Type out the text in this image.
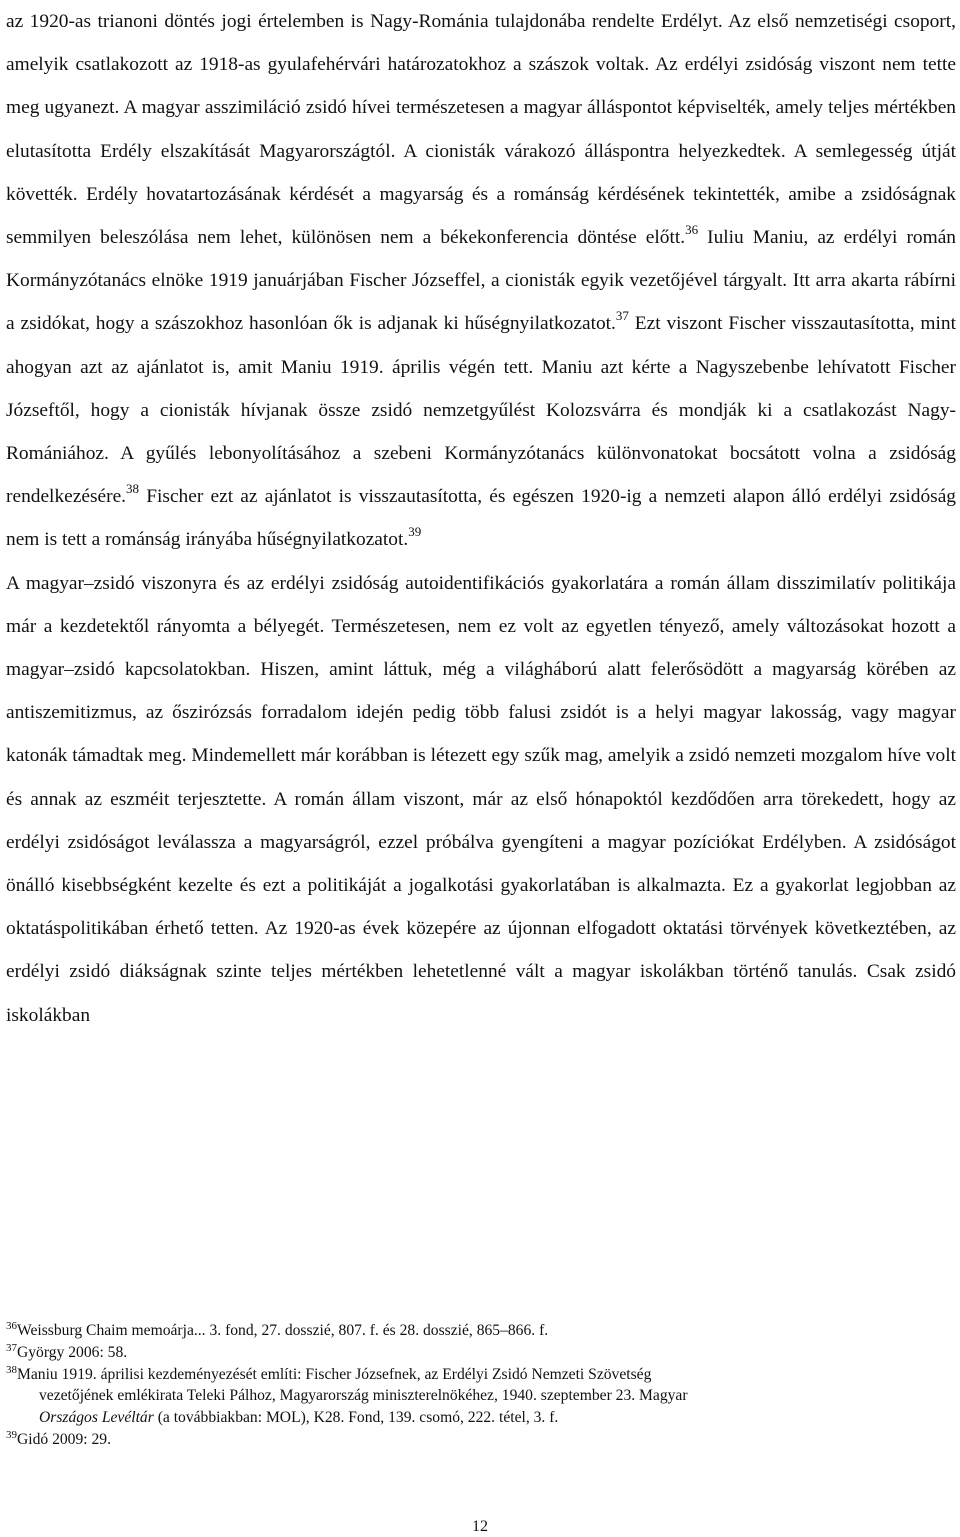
az 1920-as trianoni döntés jogi értelemben is Nagy-Románia tulajdonába rendelte Erdélyt. Az első nemzetiségi csoport, amelyik csatlakozott az 1918-as gyulafehérvári határozatokhoz a szászok voltak. Az erdélyi zsidóság viszont nem tette meg ugyanezt. A magyar asszimiláció zsidó hívei természetesen a magyar álláspontot képviselték, amely teljes mértékben elutasította Erdély elszakítását Magyarországtól. A cionisták várakozó álláspontra helyezkedtek. A semlegesség útját követték. Erdély hovatartozásának kérdését a magyarság és a románság kérdésének tekintették, amibe a zsidóságnak semmilyen beleszólása nem lehet, különösen nem a békekonferencia döntése előtt.$^{36}$ Iuliu Maniu, az erdélyi román Kormányzótanács elnöke 1919 januárjában Fischer Józseffel, a cionisták egyik vezetőjével tárgyalt. Itt arra akarta rábírni a zsidókat, hogy a szászokhoz hasonlóan ők is adjanak ki hűségnyilatkozatot.$^{37}$ Ezt viszont Fischer visszautasította, mint ahogyan azt az ajánlatot is, amit Maniu 1919. április végén tett. Maniu azt kérte a Nagyszebenbe lehívatott Fischer Józseftől, hogy a cionisták hívjanak össze zsidó nemzetgyűlést Kolozsvárra és mondják ki a csatlakozást Nagy-Romániához. A gyűlés lebonyolításához a szebeni Kormányzótanács különvonatokat bocsátott volna a zsidóság rendelkezésére.$^{38}$ Fischer ezt az ajánlatot is visszautasította, és egészen 1920-ig a nemzeti alapon álló erdélyi zsidóság nem is tett a románság irányába hűségnyilatkozatot.$^{39}$

A magyar–zsidó viszonyra és az erdélyi zsidóság autoidentifikációs gyakorlatára a román állam disszimilatív politikája már a kezdetektől rányomta a bélyegét. Természetesen, nem ez volt az egyetlen tényező, amely változásokat hozott a magyar–zsidó kapcsolatokban. Hiszen, amint láttuk, még a világháború alatt felerősödött a magyarság körében az antiszemitizmus, az őszirózsás forradalom idején pedig több falusi zsidót is a helyi magyar lakosság, vagy magyar katonák támadtak meg. Mindemellett már korábban is létezett egy szűk mag, amelyik a zsidó nemzeti mozgalom híve volt és annak az eszméit terjesztette. A román állam viszont, már az első hónapoktól kezdődően arra törekedett, hogy az erdélyi zsidóságot leválassza a magyarságról, ezzel próbálva gyengíteni a magyar pozíciókat Erdélyben. A zsidóságot önálló kisebbségként kezelte és ezt a politikáját a jogalkotási gyakorlatában is alkalmazta. Ez a gyakorlat legjobban az oktatáspolitikában érhető tetten. Az 1920-as évek közepére az újonnan elfogadott oktatási törvények következtében, az erdélyi zsidó diákságnak szinte teljes mértékben lehetetlenné vált a magyar iskolákban történő tanulás. Csak zsidó iskolákban

$^{36}$Weissburg Chaim memoárja... 3. fond, 27. dosszié, 807. f. és 28. dosszié, 865–866. f.
$^{37}$György 2006: 58.
$^{38}$Maniu 1919. áprilisi kezdeményezését említi: Fischer Józsefnek, az Erdélyi Zsidó Nemzeti Szövetség
vezetőjének emlékirata Teleki Pálhoz, Magyarország miniszterelnökéhez, 1940. szeptember 23. Magyar
Országos Levéltár (a továbbiakban: MOL), K28. Fond, 139. csomó, 222. tétel, 3. f.
$^{39}$Gidó 2009: 29.
12
